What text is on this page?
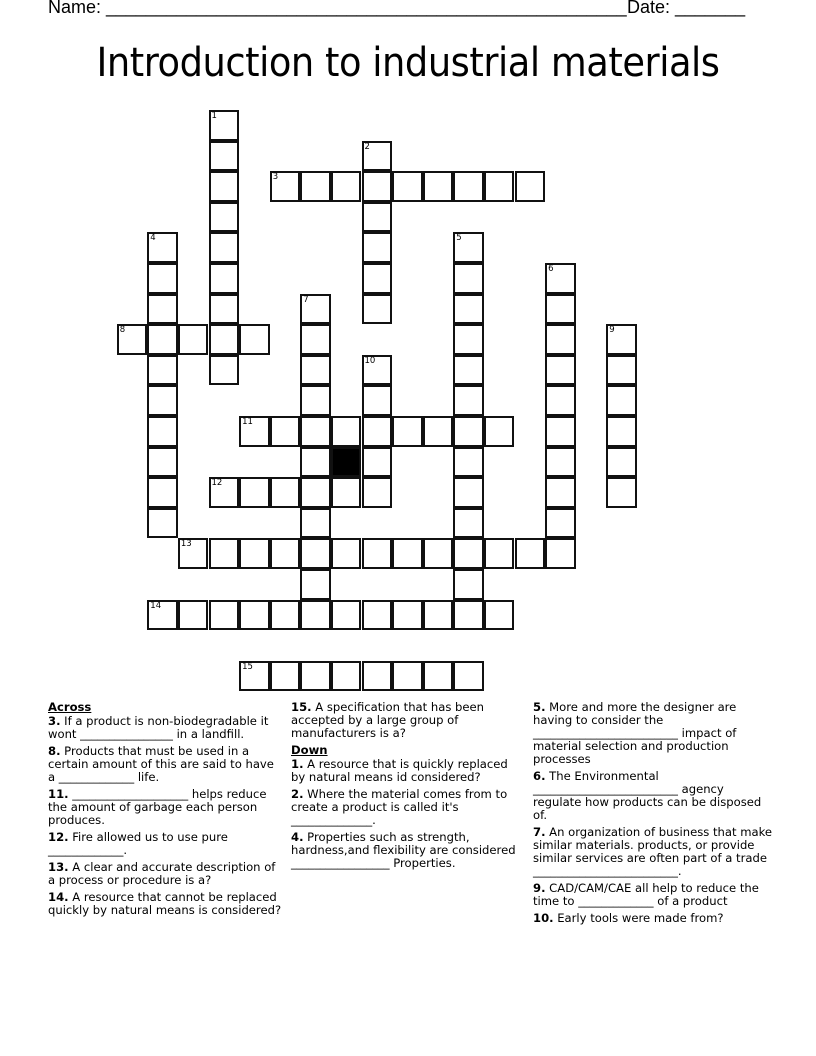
Name: ____________________________________________________ Date: _______
Introduction to industrial materials
1
2
3
4	5
6
7
8	9
10
11
12
13
14
15
Across
3. If a product is non-biodegradable it wont ________________ in a landfill.
8. Products that must be used in a certain amount of this are said to have a _____________ life.
11. ____________________ helps reduce the amount of garbage each person produces.
12. Fire allowed us to use pure _____________.
13. A clear and accurate description of a process or procedure is a?
14. A resource that cannot be replaced quickly by natural means is considered?
15. A specification that has been accepted by a large group of manufacturers is a?
Down
1. A resource that is quickly replaced by natural means id considered?
2. Where the material comes from to create a product is called it's ______________.
4. Properties such as strength, hardness,and flexibility are considered _________________ Properties.
5. More and more the designer are having to consider the _________________________ impact of material selection and production processes
6. The Environmental _________________________ agency regulate how products can be disposed of.
7. An organization of business that make similar materials. products, or provide similar services are often part of a trade _________________________.
9. CAD/CAM/CAE all help to reduce the time to _____________ of a product
10. Early tools were made from?
